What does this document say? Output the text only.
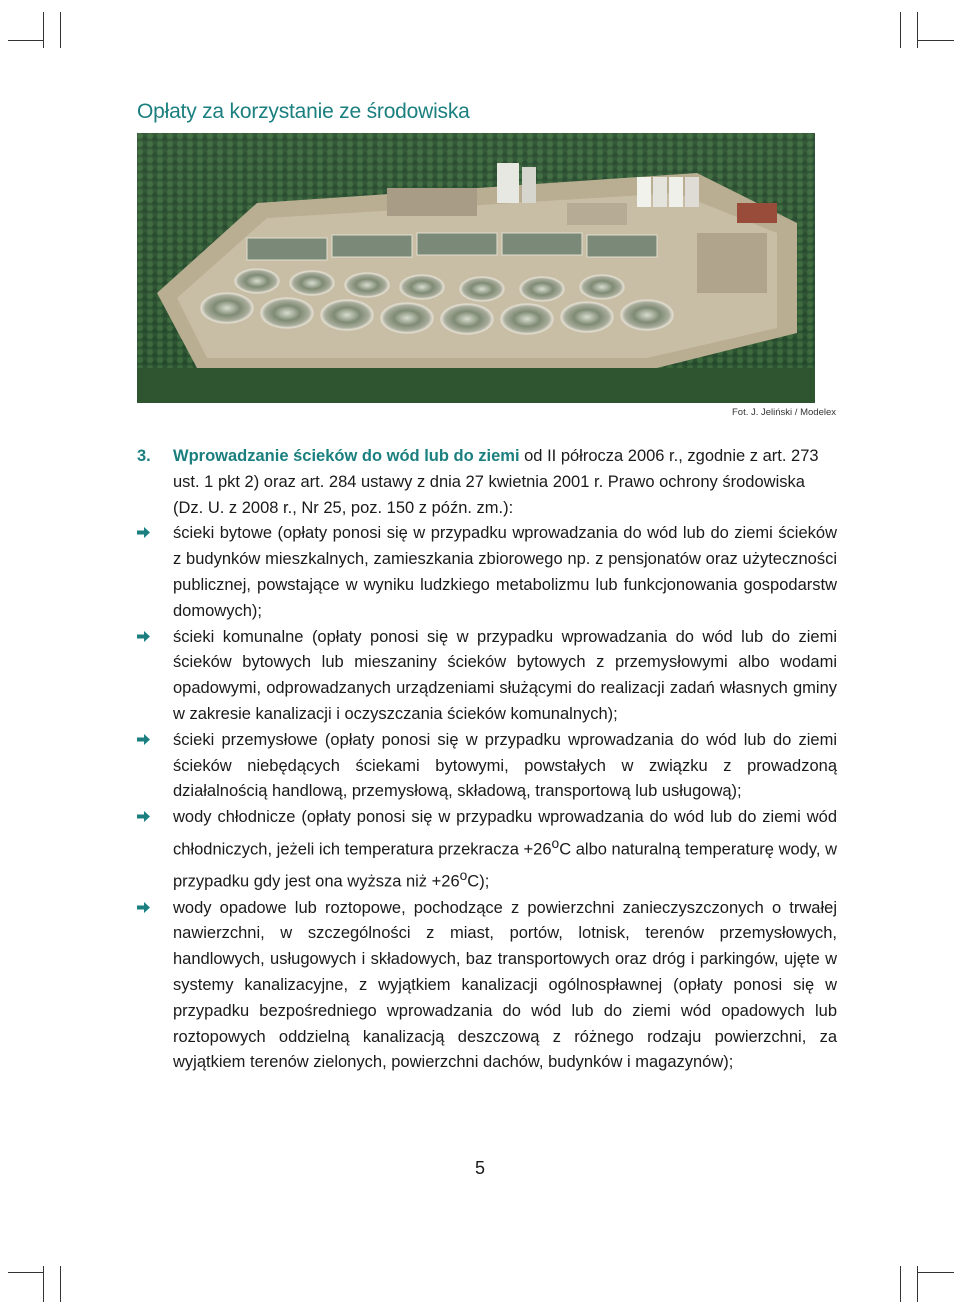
Opłaty za korzystanie ze środowiska
Fot. J. Jeliński / Modelex
3.	Wprowadzanie ścieków do wód lub do ziemi od II półrocza 2006 r., zgodnie z art. 273 ust. 1 pkt 2) oraz art. 284 ustawy z dnia 27 kwietnia 2001 r. Prawo ochrony środowiska (Dz. U. z 2008 r., Nr 25, poz. 150 z późn. zm.):
ścieki bytowe (opłaty ponosi się w przypadku wprowadzania do wód lub do ziemi ścieków z budynków mieszkalnych, zamieszkania zbiorowego np. z pensjonatów oraz użyteczności publicznej, powstające w wyniku ludzkiego metabolizmu lub funkcjonowania gospodarstw domowych);
ścieki komunalne (opłaty ponosi się w przypadku wprowadzania do wód lub do ziemi ścieków bytowych lub mieszaniny ścieków bytowych z przemysłowymi albo wodami opadowymi, odprowadzanych urządzeniami służącymi do realizacji zadań własnych gminy w zakresie kanalizacji i oczyszczania ścieków komunalnych);
ścieki przemysłowe (opłaty ponosi się w przypadku wprowadzania do wód lub do ziemi ścieków niebędących ściekami bytowymi, powstałych w związku z prowadzoną działalnością handlową, przemysłową, składową, transportową lub usługową);
wody chłodnicze (opłaty ponosi się w przypadku wprowadzania do wód lub do ziemi wód chłodniczych, jeżeli ich temperatura przekracza $+26^oC$ albo naturalną temperaturę wody, w przypadku gdy jest ona wyższa niż $+26^oC$);
wody opadowe lub roztopowe, pochodzące z powierzchni zanieczyszczonych o trwałej nawierzchni, w szczególności z miast, portów, lotnisk, terenów przemysłowych, handlowych, usługowych i składowych, baz transportowych oraz dróg i parkingów, ujęte w systemy kanalizacyjne, z wyjątkiem kanalizacji ogólnospławnej (opłaty ponosi się w przypadku bezpośredniego wprowadzania do wód lub do ziemi wód opadowych lub roztopowych oddzielną kanalizacją deszczową z różnego rodzaju powierzchni, za wyjątkiem terenów zielonych, powierzchni dachów, budynków i magazynów);
5
